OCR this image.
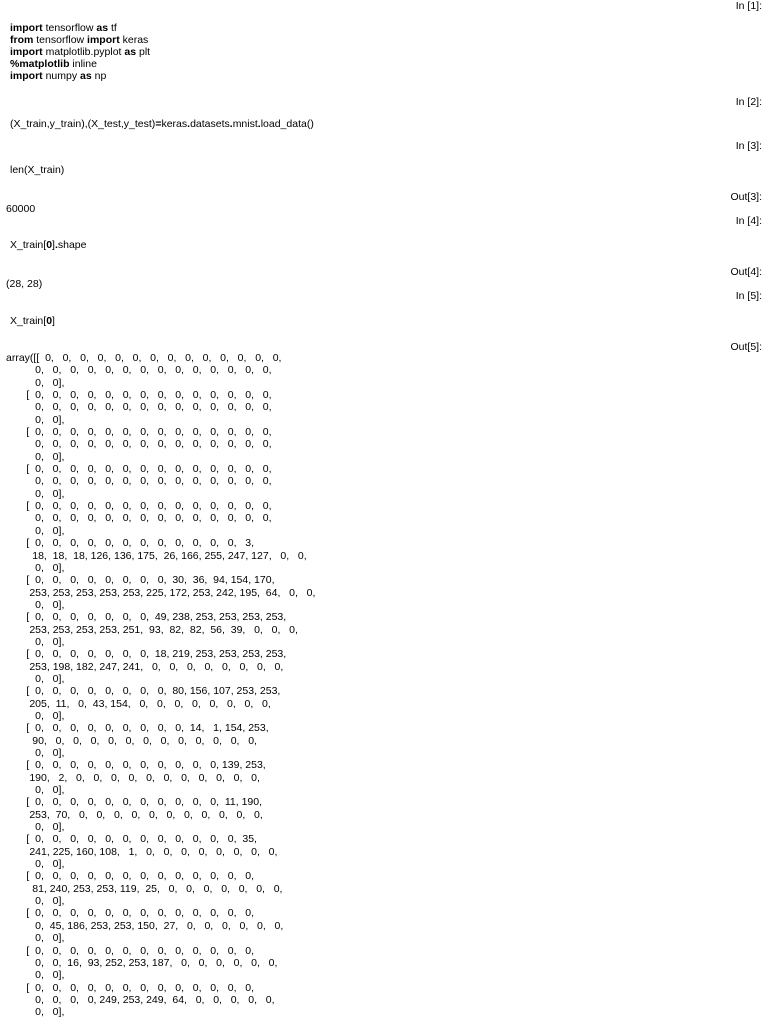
In [1]:
import tensorflow as tf
from tensorflow import keras
import matplotlib.pyplot as plt
%matplotlib inline
import numpy as np
In [2]:
(X_train,y_train),(X_test,y_test)=keras.datasets.mnist.load_data()
In [3]:
len(X_train)
Out[3]:
60000
In [4]:
X_train[0].shape
Out[4]:
(28, 28)
In [5]:
X_train[0]
Out[5]:
array([[  0,   0,   0,   0,   0,   0,   0,   0,   0,   0,   0,   0,   0,   0,
0,   0,   0,   0,   0,   0,   0,   0,   0,   0,   0,   0,   0,   0,
0,   0],
[  0,   0,   0,   0,   0,   0,   0,   0,   0,   0,   0,   0,   0,   0,
0,   0,   0,   0,   0,   0,   0,   0,   0,   0,   0,   0,   0,   0,
0,   0],
[  0,   0,   0,   0,   0,   0,   0,   0,   0,   0,   0,   0,   0,   0,
0,   0,   0,   0,   0,   0,   0,   0,   0,   0,   0,   0,   0,   0,
0,   0],
[  0,   0,   0,   0,   0,   0,   0,   0,   0,   0,   0,   0,   0,   0,
0,   0,   0,   0,   0,   0,   0,   0,   0,   0,   0,   0,   0,   0,
0,   0],
[  0,   0,   0,   0,   0,   0,   0,   0,   0,   0,   0,   0,   0,   0,
0,   0,   0,   0,   0,   0,   0,   0,   0,   0,   0,   0,   0,   0,
0,   0],
[  0,   0,   0,   0,   0,   0,   0,   0,   0,   0,   0,   0,   3,
18,  18,  18, 126, 136, 175,  26, 166, 255, 247, 127,   0,   0,
0,   0],
[  0,   0,   0,   0,   0,   0,   0,   0,  30,  36,  94, 154, 170,
253, 253, 253, 253, 253, 225, 172, 253, 242, 195,  64,   0,   0,
0,   0],
[  0,   0,   0,   0,   0,   0,   0,  49, 238, 253, 253, 253, 253,
253, 253, 253, 253, 251,  93,  82,  82,  56,  39,   0,   0,   0,
0,   0],
[  0,   0,   0,   0,   0,   0,   0,  18, 219, 253, 253, 253, 253,
253, 198, 182, 247, 241,   0,   0,   0,   0,   0,   0,   0,   0,
0,   0],
[  0,   0,   0,   0,   0,   0,   0,   0,  80, 156, 107, 253, 253,
205,  11,   0,  43, 154,   0,   0,   0,   0,   0,   0,   0,   0,
0,   0],
[  0,   0,   0,   0,   0,   0,   0,   0,   0,  14,   1, 154, 253,
90,   0,   0,   0,   0,   0,   0,   0,   0,   0,   0,   0,   0,
0,   0],
[  0,   0,   0,   0,   0,   0,   0,   0,   0,   0,   0, 139, 253,
190,   2,   0,   0,   0,   0,   0,   0,   0,   0,   0,   0,   0,
0,   0],
[  0,   0,   0,   0,   0,   0,   0,   0,   0,   0,   0,  11, 190,
253,  70,   0,   0,   0,   0,   0,   0,   0,   0,   0,   0,   0,
0,   0],
[  0,   0,   0,   0,   0,   0,   0,   0,   0,   0,   0,   0,  35,
241, 225, 160, 108,   1,   0,   0,   0,   0,   0,   0,   0,   0,
0,   0],
[  0,   0,   0,   0,   0,   0,   0,   0,   0,   0,   0,   0,   0,
81, 240, 253, 253, 119,  25,   0,   0,   0,   0,   0,   0,   0,
0,   0],
[  0,   0,   0,   0,   0,   0,   0,   0,   0,   0,   0,   0,   0,
0,  45, 186, 253, 253, 150,  27,   0,   0,   0,   0,   0,   0,
0,   0],
[  0,   0,   0,   0,   0,   0,   0,   0,   0,   0,   0,   0,   0,
0,   0,  16,  93, 252, 253, 187,   0,   0,   0,   0,   0,   0,
0,   0],
[  0,   0,   0,   0,   0,   0,   0,   0,   0,   0,   0,   0,   0,
0,   0,   0,   0, 249, 253, 249,  64,   0,   0,   0,   0,   0,
0,   0],
